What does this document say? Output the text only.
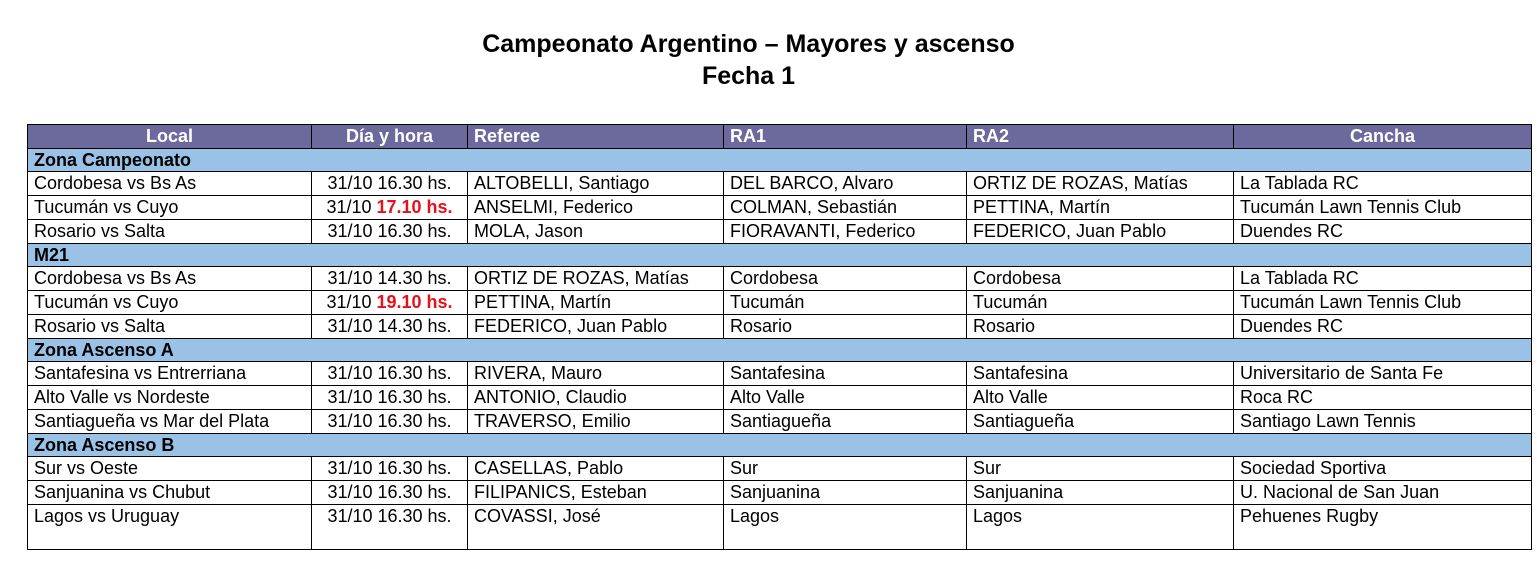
Campeonato Argentino – Mayores y ascenso
Fecha 1
Local	Día y hora	Referee	RA1	RA2	Cancha
Zona Campeonato					
Cordobesa vs Bs As	31/10 16.30 hs.	ALTOBELLI, Santiago	DEL BARCO, Alvaro	ORTIZ DE ROZAS, Matías	La Tablada RC
Tucumán vs Cuyo	31/10 17.10 hs.	ANSELMI, Federico	COLMAN, Sebastián	PETTINA, Martín	Tucumán Lawn Tennis Club
Rosario vs Salta	31/10 16.30 hs.	MOLA, Jason	FIORAVANTI, Federico	FEDERICO, Juan Pablo	Duendes RC
M21					
Cordobesa vs Bs As	31/10 14.30 hs.	ORTIZ DE ROZAS, Matías	Cordobesa	Cordobesa	La Tablada RC
Tucumán vs Cuyo	31/10 19.10 hs.	PETTINA, Martín	Tucumán	Tucumán	Tucumán Lawn Tennis Club
Rosario vs Salta	31/10 14.30 hs.	FEDERICO, Juan Pablo	Rosario	Rosario	Duendes RC
Zona Ascenso A					
Santafesina vs Entrerriana	31/10 16.30 hs.	RIVERA, Mauro	Santafesina	Santafesina	Universitario de Santa Fe
Alto Valle vs Nordeste	31/10 16.30 hs.	ANTONIO, Claudio	Alto Valle	Alto Valle	Roca RC
Santiagueña vs Mar del Plata	31/10 16.30 hs.	TRAVERSO, Emilio	Santiagueña	Santiagueña	Santiago Lawn Tennis
Zona Ascenso B					
Sur vs Oeste	31/10 16.30 hs.	CASELLAS, Pablo	Sur	Sur	Sociedad Sportiva
Sanjuanina vs Chubut	31/10 16.30 hs.	FILIPANICS, Esteban	Sanjuanina	Sanjuanina	U. Nacional de San Juan
Lagos vs Uruguay	31/10 16.30 hs.	COVASSI, José	Lagos	Lagos	Pehuenes Rugby
